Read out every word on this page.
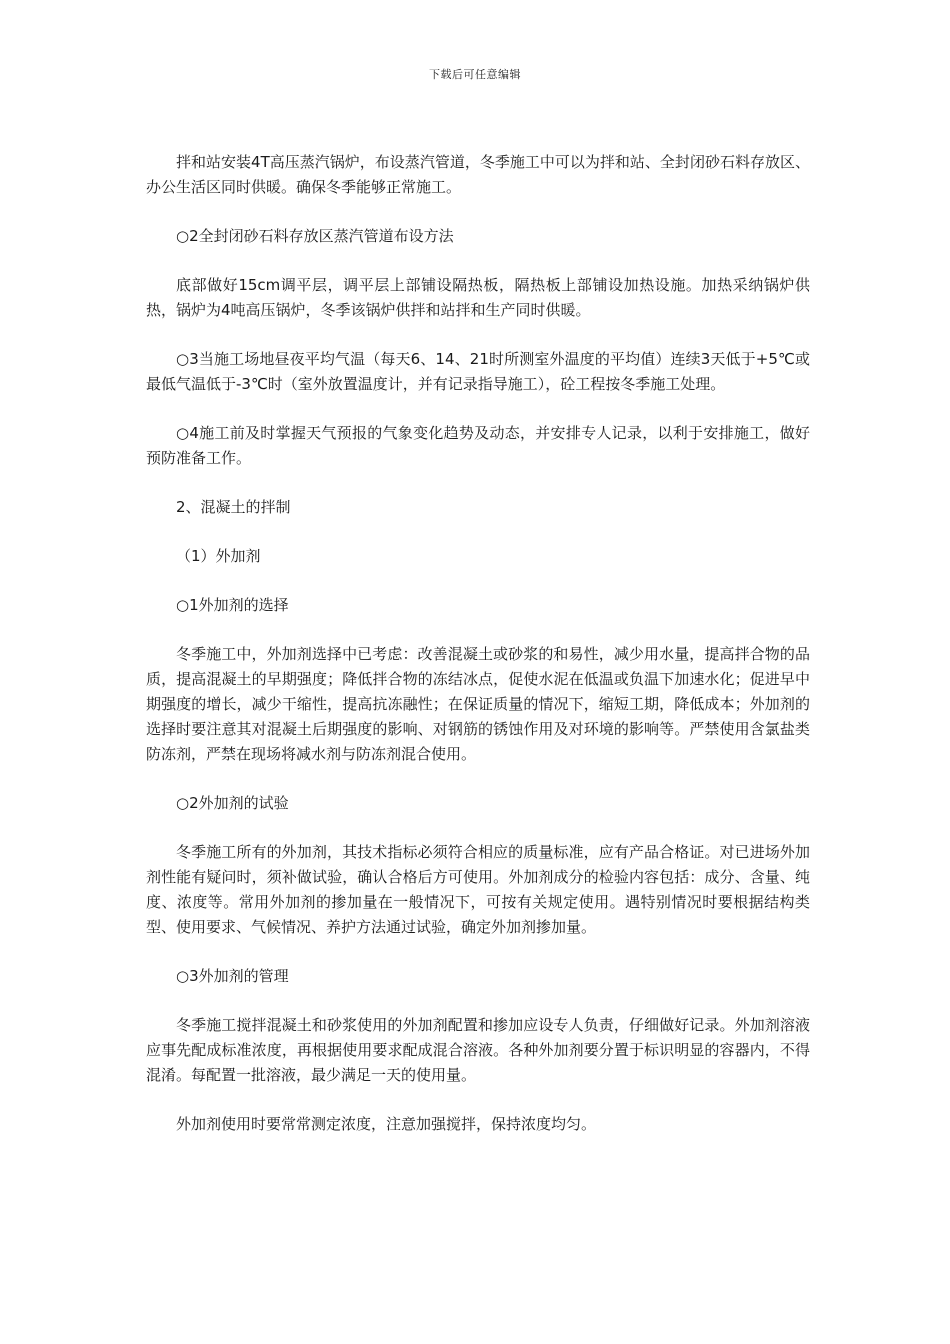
下载后可任意编辑

拌和站安装4T高压蒸汽锅炉，布设蒸汽管道，冬季施工中可以为拌和站、全封闭砂石料存放区、办公生活区同时供暖。确保冬季能够正常施工。

○2全封闭砂石料存放区蒸汽管道布设方法

底部做好15cm调平层，调平层上部铺设隔热板，隔热板上部铺设加热设施。加热采纳锅炉供热，锅炉为4吨高压锅炉，冬季该锅炉供拌和站拌和生产同时供暖。

○3当施工场地昼夜平均气温（每天6、14、21时所测室外温度的平均值）连续3天低于+5℃或最低气温低于-3℃时（室外放置温度计，并有记录指导施工），砼工程按冬季施工处理。

○4施工前及时掌握天气预报的气象变化趋势及动态，并安排专人记录，以利于安排施工，做好预防准备工作。

2、混凝土的拌制

（1）外加剂

○1外加剂的选择

冬季施工中，外加剂选择中已考虑：改善混凝土或砂浆的和易性，减少用水量，提高拌合物的品质，提高混凝土的早期强度；降低拌合物的冻结冰点，促使水泥在低温或负温下加速水化；促进早中期强度的增长，减少干缩性，提高抗冻融性；在保证质量的情况下，缩短工期，降低成本；外加剂的选择时要注意其对混凝土后期强度的影响、对钢筋的锈蚀作用及对环境的影响等。严禁使用含氯盐类防冻剂，严禁在现场将减水剂与防冻剂混合使用。

○2外加剂的试验

冬季施工所有的外加剂，其技术指标必须符合相应的质量标准，应有产品合格证。对已进场外加剂性能有疑问时，须补做试验，确认合格后方可使用。外加剂成分的检验内容包括：成分、含量、纯度、浓度等。常用外加剂的掺加量在一般情况下，可按有关规定使用。遇特别情况时要根据结构类型、使用要求、气候情况、养护方法通过试验，确定外加剂掺加量。

○3外加剂的管理

冬季施工搅拌混凝土和砂浆使用的外加剂配置和掺加应设专人负责，仔细做好记录。外加剂溶液应事先配成标准浓度，再根据使用要求配成混合溶液。各种外加剂要分置于标识明显的容器内，不得混淆。每配置一批溶液，最少满足一天的使用量。

外加剂使用时要常常测定浓度，注意加强搅拌，保持浓度均匀。
